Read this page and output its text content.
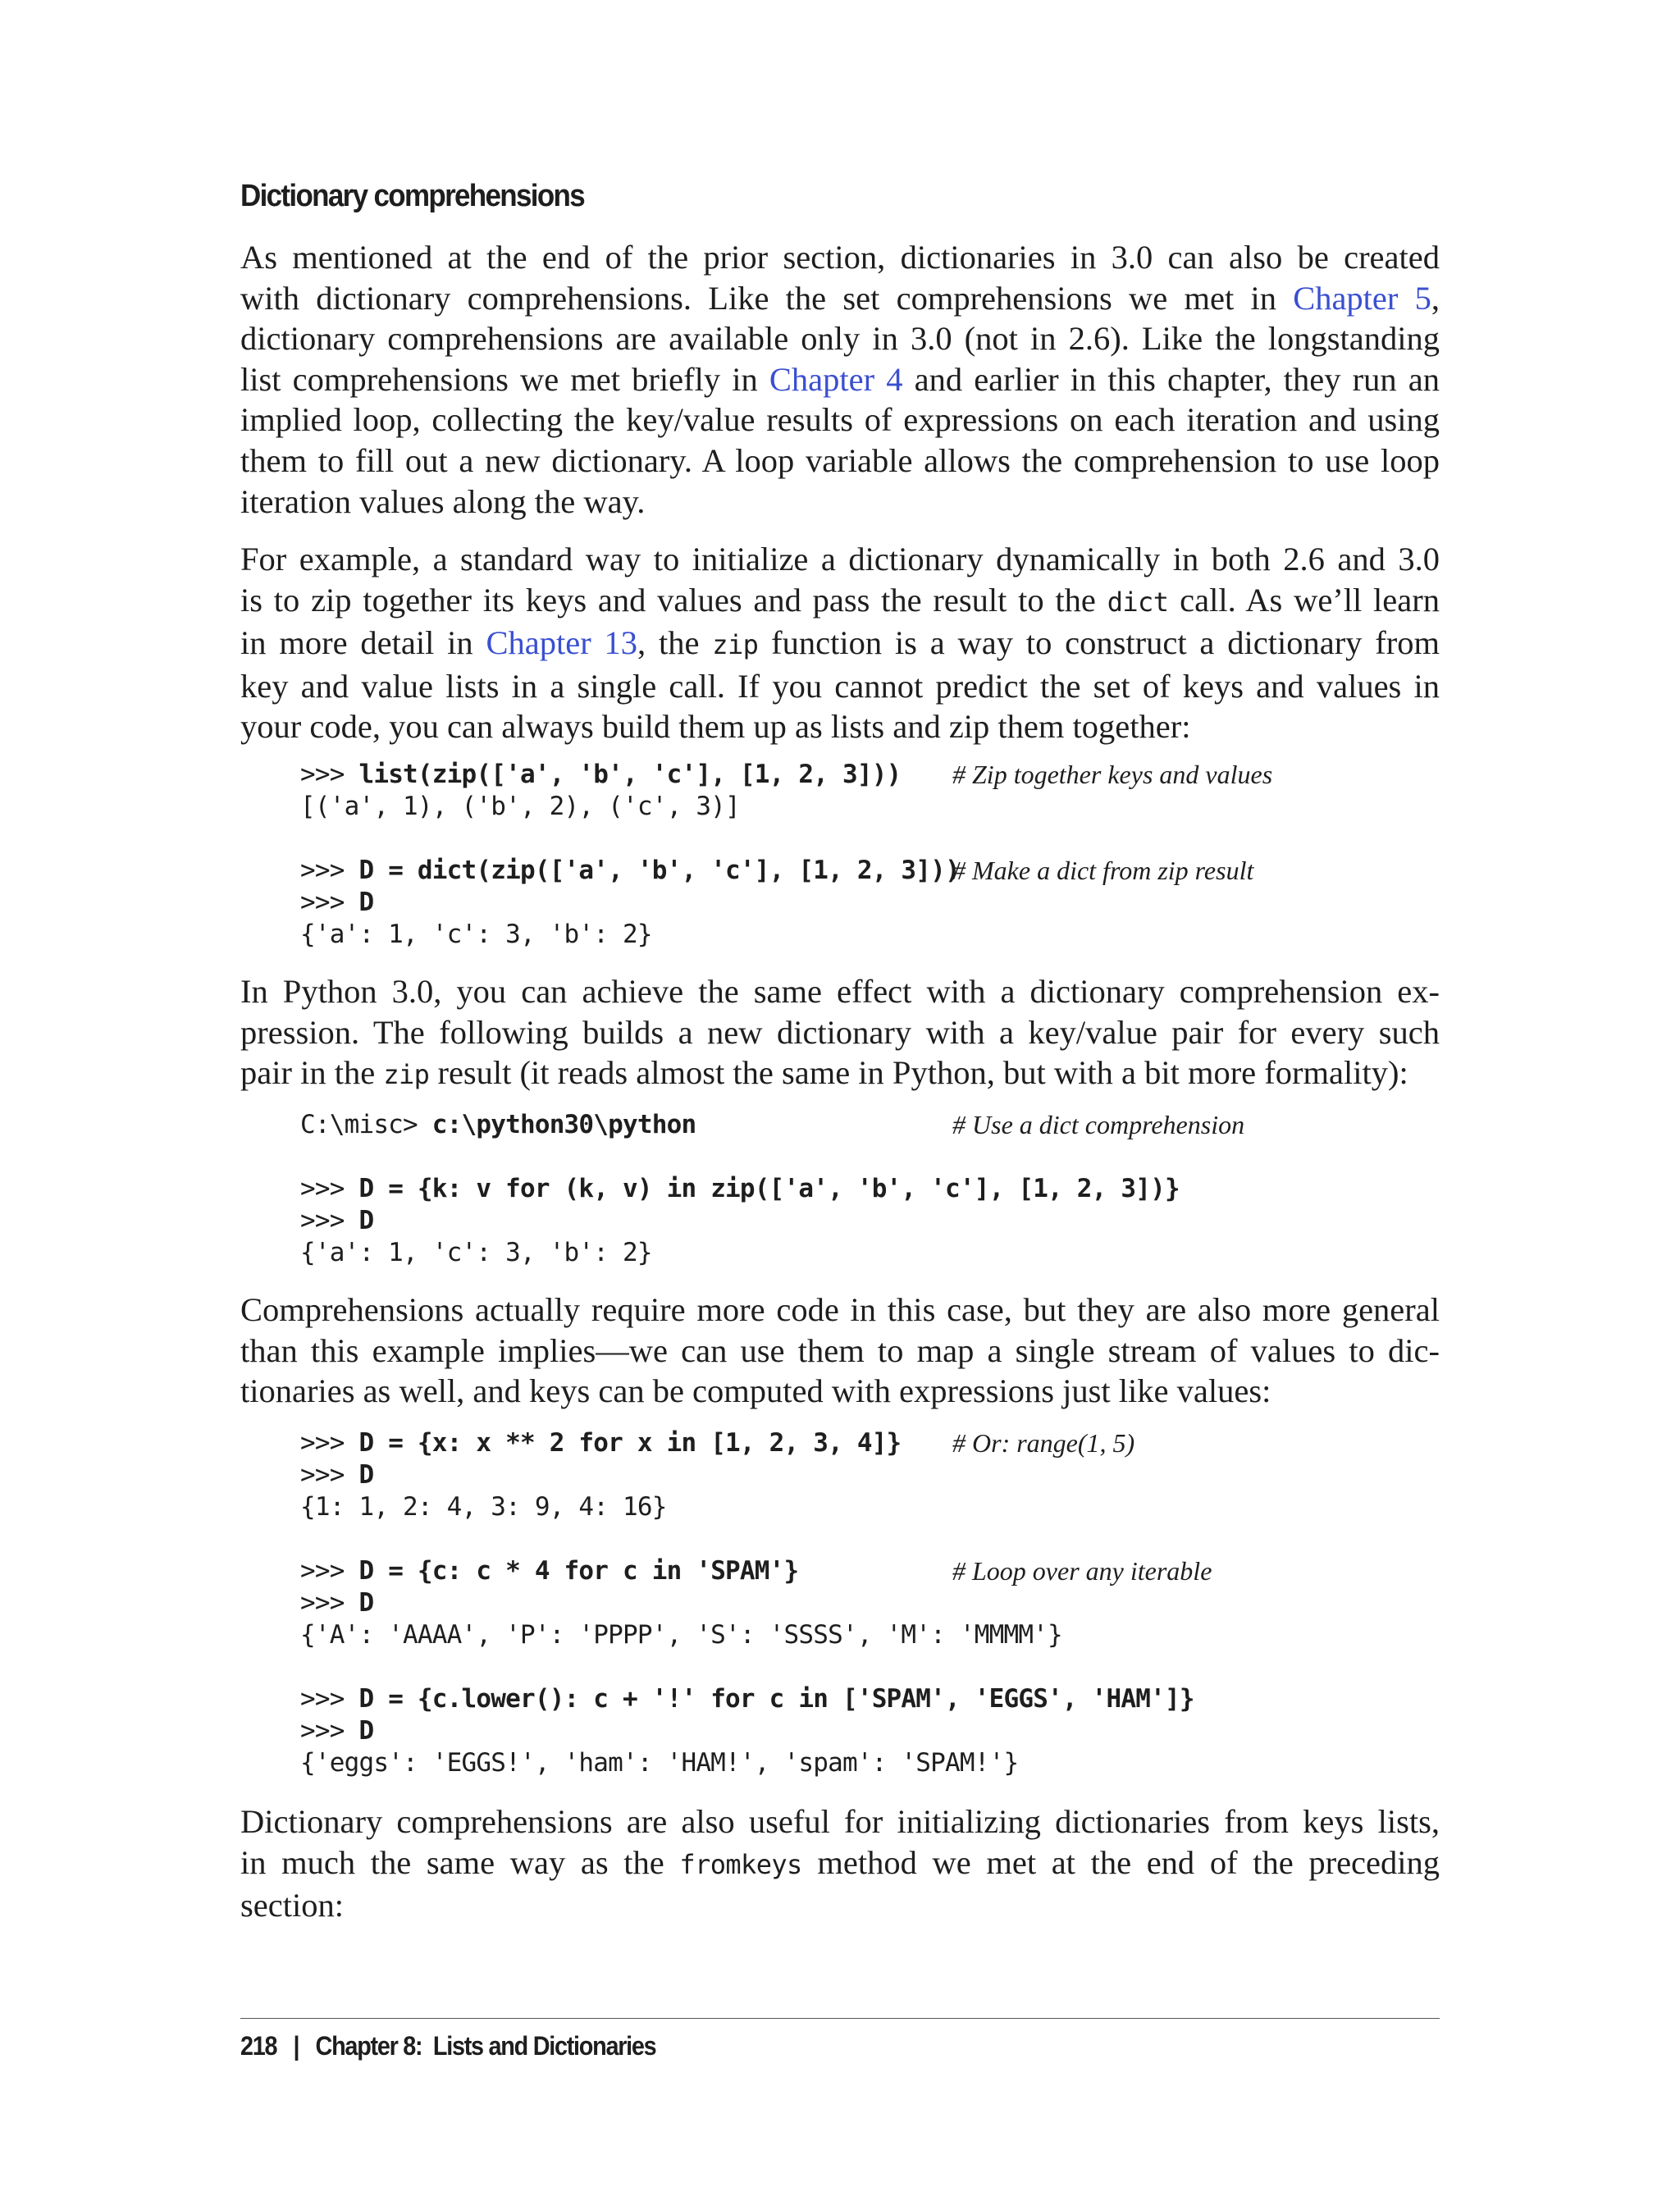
Dictionary comprehensions
As mentioned at the end of the prior section, dictionaries in 3.0 can also be created
with dictionary comprehensions. Like the set comprehensions we met in Chapter 5,
dictionary comprehensions are available only in 3.0 (not in 2.6). Like the longstanding
list comprehensions we met briefly in Chapter 4 and earlier in this chapter, they run an
implied loop, collecting the key/value results of expressions on each iteration and using
them to fill out a new dictionary. A loop variable allows the comprehension to use loop
iteration values along the way.
For example, a standard way to initialize a dictionary dynamically in both 2.6 and 3.0
is to zip together its keys and values and pass the result to the dict call. As we’ll learn
in more detail in Chapter 13, the zip function is a way to construct a dictionary from
key and value lists in a single call. If you cannot predict the set of keys and values in
your code, you can always build them up as lists and zip them together:
>>> list(zip(['a', 'b', 'c'], [1, 2, 3])) # Zip together keys and values
[('a', 1), ('b', 2), ('c', 3)]
>>> D = dict(zip(['a', 'b', 'c'], [1, 2, 3]))
# Make a dict from zip result
>>> D
{'a': 1, 'c': 3, 'b': 2}
In Python 3.0, you can achieve the same effect with a dictionary comprehension ex-
pression. The following builds a new dictionary with a key/value pair for every such
pair in the zip result (it reads almost the same in Python, but with a bit more formality):
C:\misc> c:\python30\python	# Use a dict comprehension
>>> D = {k: v for (k, v) in zip(['a', 'b', 'c'], [1, 2, 3])}
>>> D
{'a': 1, 'c': 3, 'b': 2}
Comprehensions actually require more code in this case, but they are also more general
than this example implies—we can use them to map a single stream of values to dic-
tionaries as well, and keys can be computed with expressions just like values:
>>> D = {x: x ** 2 for x in [1, 2, 3, 4]} # Or: range(1, 5)
>>> D
{1: 1, 2: 4, 3: 9, 4: 16}
>>> D = {c: c * 4 for c in 'SPAM'}	# Loop over any iterable
>>> D
{'A': 'AAAA', 'P': 'PPPP', 'S': 'SSSS', 'M': 'MMMM'}
>>> D = {c.lower(): c + '!' for c in ['SPAM', 'EGGS', 'HAM']}
>>> D
{'eggs': 'EGGS!', 'ham': 'HAM!', 'spam': 'SPAM!'}
Dictionary comprehensions are also useful for initializing dictionaries from keys lists,
in much the same way as the fromkeys method we met at the end of the preceding
section:
218 | Chapter 8:  Lists and Dictionaries
